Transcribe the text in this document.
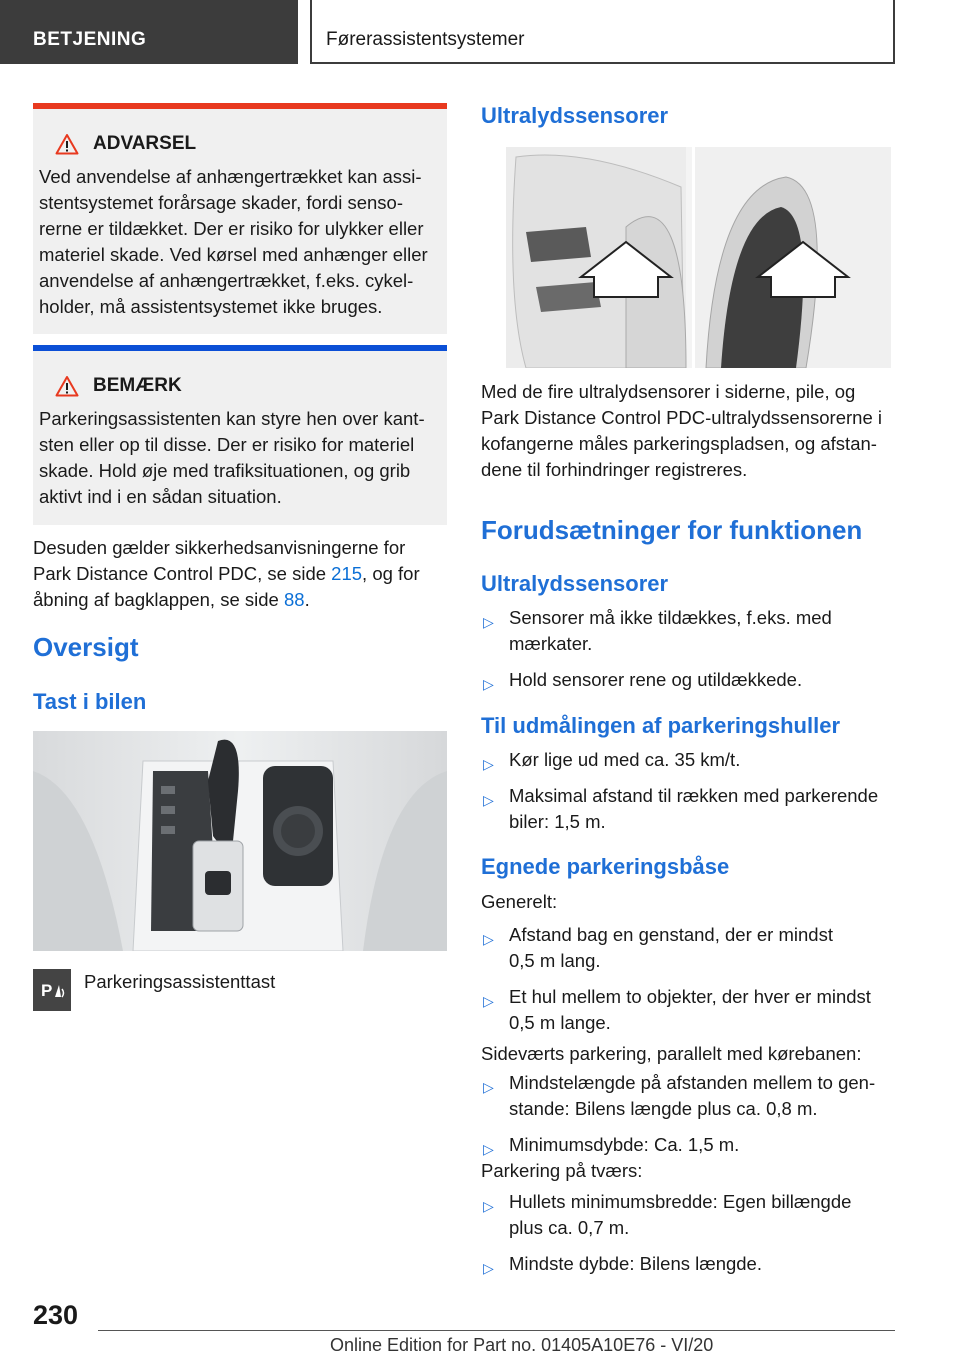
BETJENING	Førerassistentsystemer
ADVARSEL
Ved anvendelse af anhængertrækket kan assi-
stentsystemet forårsage skader, fordi senso-
rerne er tildækket. Der er risiko for ulykker eller
materiel skade. Ved kørsel med anhænger eller
anvendelse af anhængertrækket, f.eks. cykel-
holder, må assistentsystemet ikke bruges.
BEMÆRK
Parkeringsassistenten kan styre hen over kant-
sten eller op til disse. Der er risiko for materiel
skade. Hold øje med trafiksituationen, og grib
aktivt ind i en sådan situation.
Desuden gælder sikkerhedsanvisningerne for
Park Distance Control PDC, se side 215, og for
åbning af bagklappen, se side 88.
Oversigt
Tast i bilen
P Parkeringsassistenttast
Ultralydssensorer
Med de fire ultralydsensorer i siderne, pile, og
Park Distance Control PDC-ultralydssensorerne i
kofangerne måles parkeringspladsen, og afstan-
dene til forhindringer registreres.
Forudsætninger for funktionen
Ultralydssensorer
▷ Sensorer må ikke tildækkes, f.eks. med
mærkater.
▷ Hold sensorer rene og utildækkede.
Til udmålingen af parkeringshuller
▷ Kør lige ud med ca. 35 km/t.
▷ Maksimal afstand til rækken med parkerende
biler: 1,5 m.
Egnede parkeringsbåse
Generelt:
▷ Afstand bag en genstand, der er mindst
0,5 m lang.
▷ Et hul mellem to objekter, der hver er mindst
0,5 m lange.
Sideværts parkering, parallelt med kørebanen:
▷ Mindstelængde på afstanden mellem to gen-
stande: Bilens længde plus ca. 0,8 m.
▷ Minimumsdybde: Ca. 1,5 m.
Parkering på tværs:
▷ Hullets minimumsbredde: Egen billængde
plus ca. 0,7 m.
▷ Mindste dybde: Bilens længde.
230
Online Edition for Part no. 01405A10E76 - VI/20
